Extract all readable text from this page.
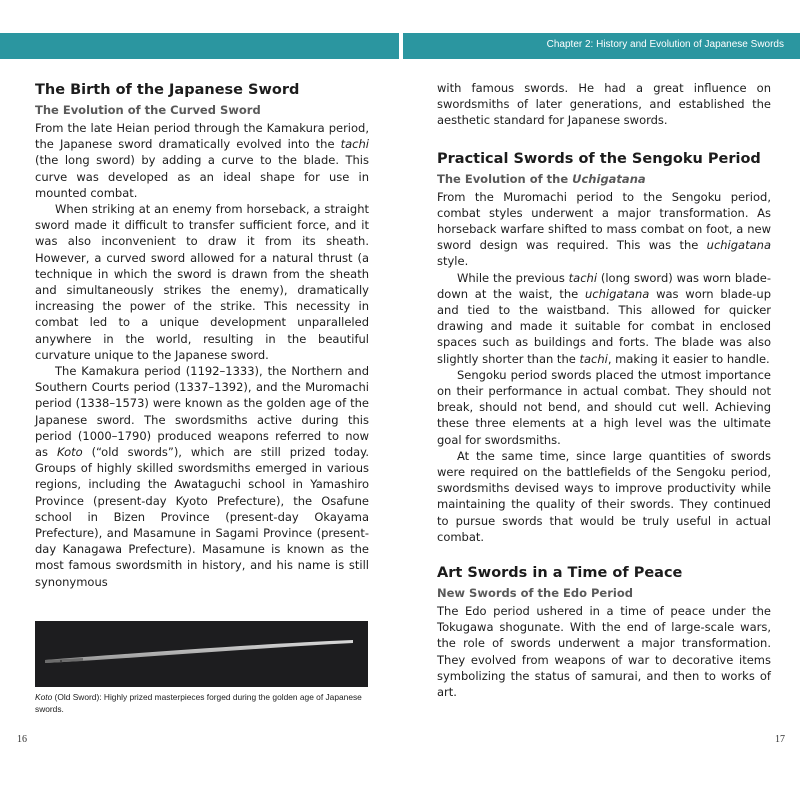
Chapter 2: History and Evolution of Japanese Swords
The Birth of the Japanese Sword
The Evolution of the Curved Sword

From the late Heian period through the Kamakura period, the Japanese sword dramatically evolved into the tachi (the long sword) by adding a curve to the blade. This curve was developed as an ideal shape for use in mounted combat.

When striking at an enemy from horseback, a straight sword made it difficult to transfer sufficient force, and it was also inconvenient to draw it from its sheath. However, a curved sword allowed for a natural thrust (a technique in which the sword is drawn from the sheath and simultaneously strikes the enemy), dramatically increasing the power of the strike. This necessity in combat led to a unique development unparalleled anywhere in the world, resulting in the beautiful curvature unique to the Japanese sword.

The Kamakura period (1192–1333), the Northern and Southern Courts period (1337–1392), and the Muromachi period (1338–1573) were known as the golden age of the Japanese sword. The swordsmiths active during this period (1000–1790) produced weapons referred to now as Koto (“old swords”), which are still prized today. Groups of highly skilled swordsmiths emerged in various regions, including the Awataguchi school in Yamashiro Province (present-day Kyoto Prefecture), the Osafune school in Bizen Province (present-day Okayama Prefecture), and Masamune in Sagami Province (present-day Kanagawa Prefecture). Masamune is known as the most famous swordsmith in history, and his name is still synonymous

Koto (Old Sword): Highly prized masterpieces forged during the golden age of Japanese swords.

with famous swords. He had a great influence on swordsmiths of later generations, and established the aesthetic standard for Japanese swords.

Practical Swords of the Sengoku Period
The Evolution of the Uchigatana

From the Muromachi period to the Sengoku period, combat styles underwent a major transformation. As horseback warfare shifted to mass combat on foot, a new sword design was required. This was the uchigatana style.

While the previous tachi (long sword) was worn blade-down at the waist, the uchigatana was worn blade-up and tied to the waistband. This allowed for quicker drawing and made it suitable for combat in enclosed spaces such as buildings and forts. The blade was also slightly shorter than the tachi, making it easier to handle.

Sengoku period swords placed the utmost importance on their performance in actual combat. They should not break, should not bend, and should cut well. Achieving these three elements at a high level was the ultimate goal for swordsmiths.

At the same time, since large quantities of swords were required on the battlefields of the Sengoku period, swordsmiths devised ways to improve productivity while maintaining the quality of their swords. They continued to pursue swords that would be truly useful in actual combat.

Art Swords in a Time of Peace
New Swords of the Edo Period

The Edo period ushered in a time of peace under the Tokugawa shogunate. With the end of large-scale wars, the role of swords underwent a major transformation. They evolved from weapons of war to decorative items symbolizing the status of samurai, and then to works of art.

16	17
